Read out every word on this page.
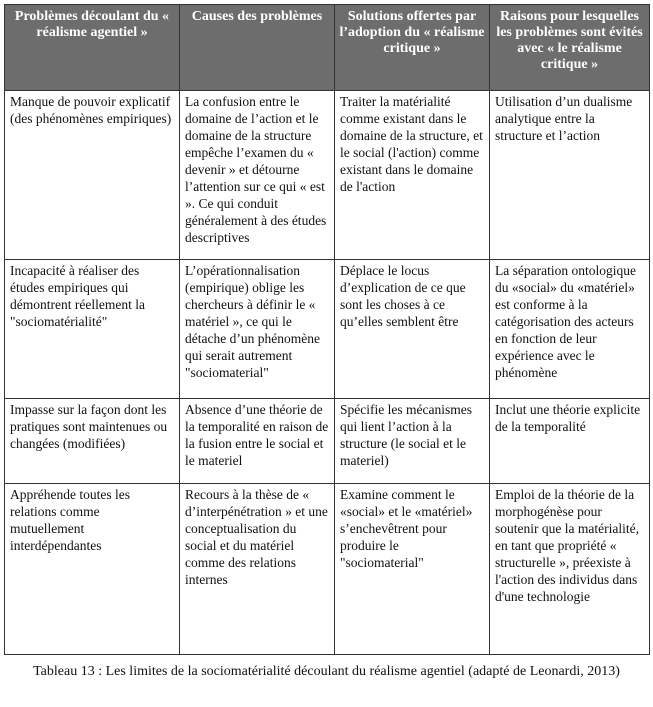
Problèmes découlant du « réalisme agentiel »	Causes des problèmes	Solutions offertes par l’adoption du « réalisme critique »	Raisons pour lesquelles les problèmes sont évités avec « le réalisme critique »
Manque de pouvoir explicatif (des phénomènes empiriques)	La confusion entre le domaine de l’action et le domaine de la structure empêche l’examen du « devenir » et détourne l’attention sur ce qui « est ». Ce qui conduit généralement à des études descriptives	Traiter la matérialité comme existant dans le domaine de la structure, et le social (l'action) comme existant dans le domaine de l'action	Utilisation d’un dualisme analytique entre la structure et l’action
Incapacité à réaliser des études empiriques qui démontrent réellement la "sociomatérialité"	L’opérationnalisation (empirique) oblige les chercheurs à définir le « matériel », ce qui le détache d’un phénomène qui serait autrement "sociomaterial"	Déplace le locus d’explication de ce que sont les choses à ce qu’elles semblent être	La séparation ontologique du «social» du «matériel» est conforme à la catégorisation des acteurs en fonction de leur expérience avec le phénomène
Impasse sur la façon dont les pratiques sont maintenues ou changées (modifiées)	Absence d’une théorie de la temporalité en raison de la fusion entre le social et le materiel	Spécifie les mécanismes qui lient l’action à la structure (le social et le materiel)	Inclut une théorie explicite de la temporalité
Appréhende toutes les relations comme mutuellement interdépendantes	Recours à la thèse de « d’interpénétration » et une conceptualisation du social et du matériel comme des relations internes	Examine comment le «social» et le «matériel» s’enchevêtrent pour produire le "sociomaterial"	Emploi de la théorie de la morphogénèse pour soutenir que la matérialité, en tant que propriété « structurelle », préexiste à l'action des individus dans d'une technologie
Tableau 13 : Les limites de la sociomatérialité découlant du réalisme agentiel (adapté de Leonardi, 2013)
